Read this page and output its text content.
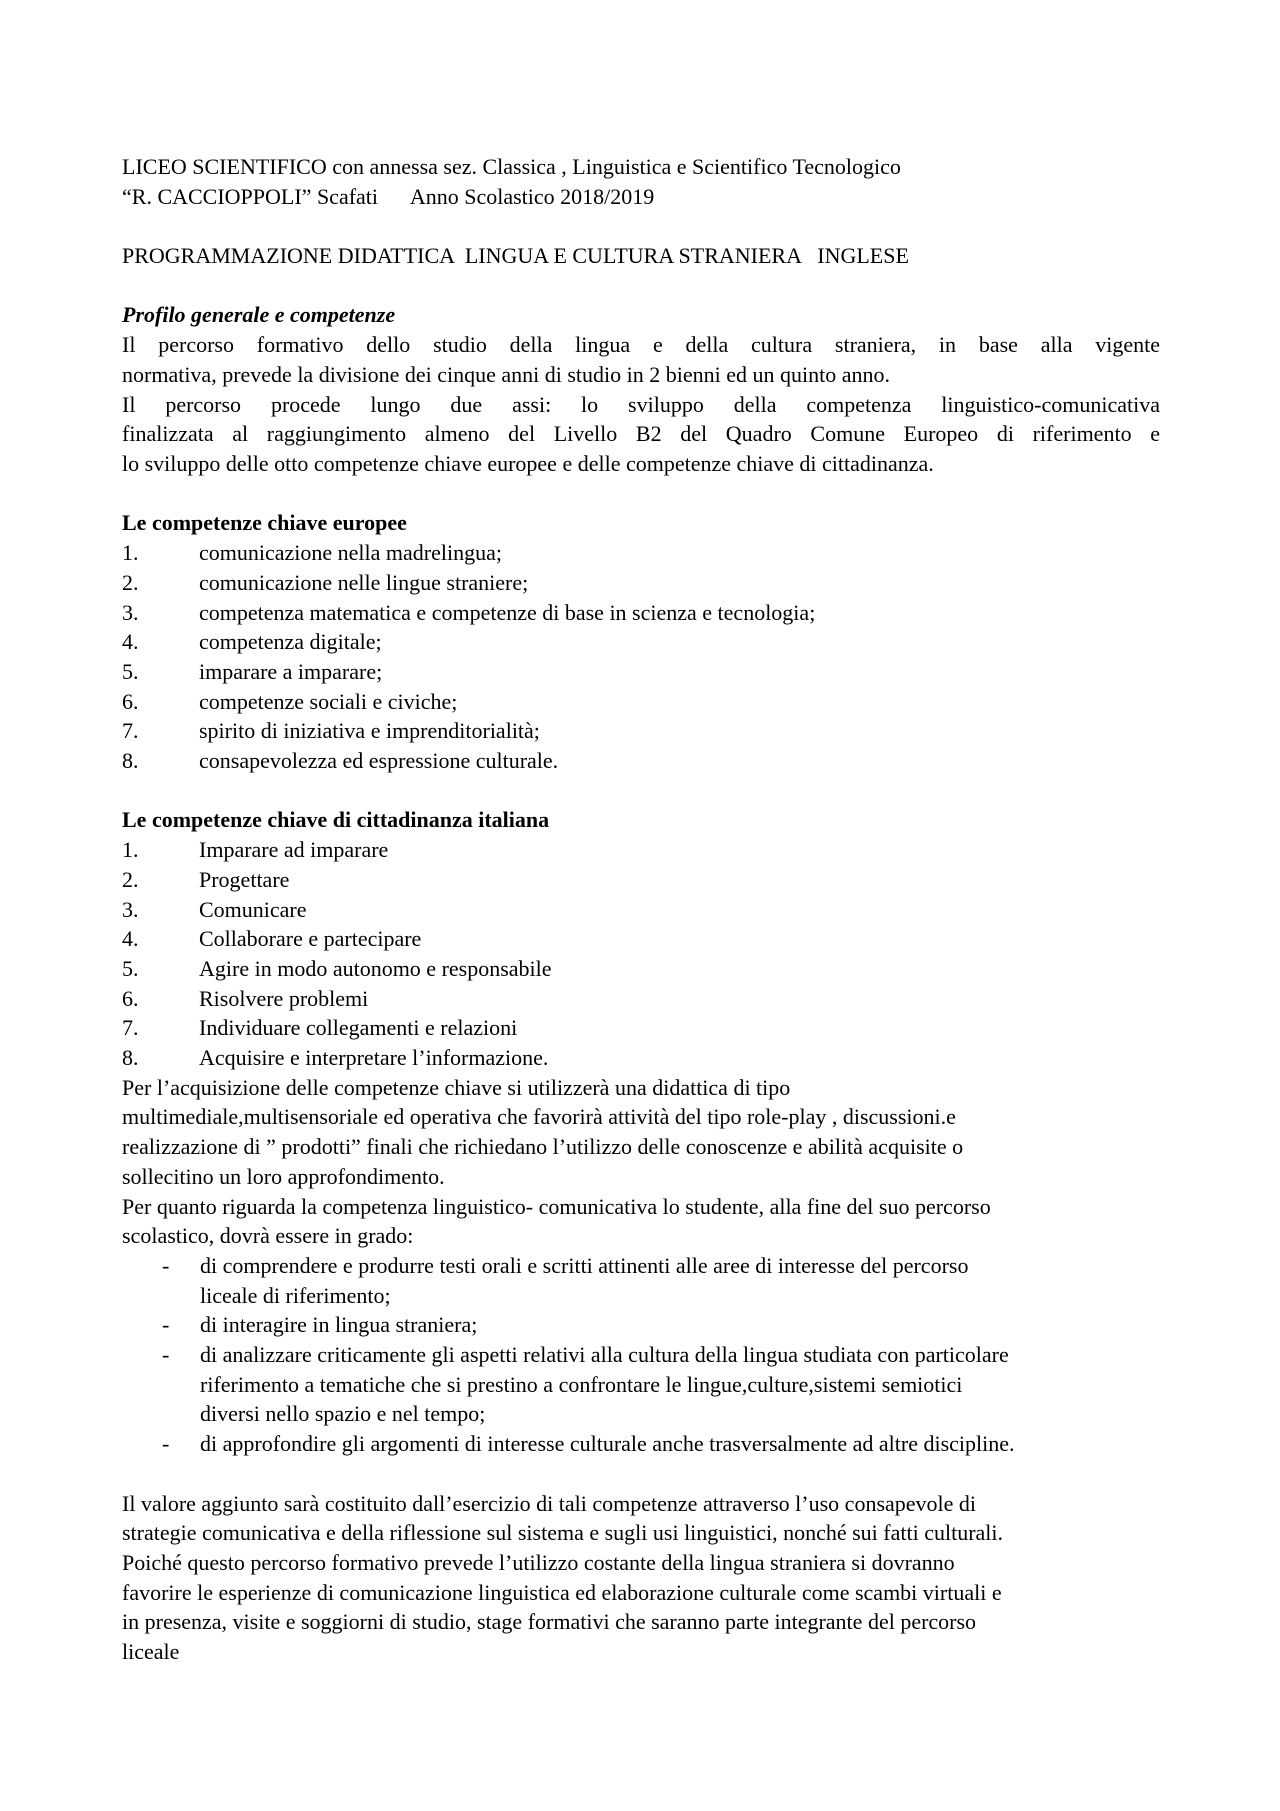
LICEO SCIENTIFICO con annessa sez. Classica , Linguistica e Scientifico Tecnologico
“R. CACCIOPPOLI” Scafati      Anno Scolastico 2018/2019
PROGRAMMAZIONE DIDATTICA  LINGUA E CULTURA STRANIERA   INGLESE
Profilo generale e competenze
Il percorso formativo dello studio della lingua e della cultura straniera, in base alla vigente
normativa, prevede la divisione dei cinque anni di studio in 2 bienni ed un quinto anno.
Il percorso procede lungo due assi: lo sviluppo della competenza linguistico-comunicativa
finalizzata al raggiungimento almeno del Livello B2 del Quadro Comune Europeo di riferimento e
lo sviluppo delle otto competenze chiave europee e delle competenze chiave di cittadinanza.
Le competenze chiave europee
1.	comunicazione nella madrelingua;
2.	comunicazione nelle lingue straniere;
3.	competenza matematica e competenze di base in scienza e tecnologia;
4.	competenza digitale;
5.	imparare a imparare;
6.	competenze sociali e civiche;
7.	spirito di iniziativa e imprenditorialità;
8.	consapevolezza ed espressione culturale.
Le competenze chiave di cittadinanza italiana
1.	Imparare ad imparare
2.	Progettare
3.	Comunicare
4.	Collaborare e partecipare
5.	Agire in modo autonomo e responsabile
6.	Risolvere problemi
7.	Individuare collegamenti e relazioni
8.	Acquisire e interpretare l’informazione.
Per l’acquisizione delle competenze chiave si utilizzerà una didattica di tipo
multimediale,multisensoriale ed operativa che favorirà attività del tipo role-play , discussioni.e
realizzazione di ” prodotti” finali che richiedano l’utilizzo delle conoscenze e abilità acquisite o
sollecitino un loro approfondimento.
Per quanto riguarda la competenza linguistico- comunicativa lo studente, alla fine del suo percorso
scolastico, dovrà essere in grado:
-	di comprendere e produrre testi orali e scritti attinenti alle aree di interesse del percorso
liceale di riferimento;
-	di interagire in lingua straniera;
-	di analizzare criticamente gli aspetti relativi alla cultura della lingua studiata con particolare
riferimento a tematiche che si prestino a confrontare le lingue,culture,sistemi semiotici
diversi nello spazio e nel tempo;
-	di approfondire gli argomenti di interesse culturale anche trasversalmente ad altre discipline.
Il valore aggiunto sarà costituito dall’esercizio di tali competenze attraverso l’uso consapevole di
strategie comunicativa e della riflessione sul sistema e sugli usi linguistici, nonché sui fatti culturali.
Poiché questo percorso formativo prevede l’utilizzo costante della lingua straniera si dovranno
favorire le esperienze di comunicazione linguistica ed elaborazione culturale come scambi virtuali e
in presenza, visite e soggiorni di studio, stage formativi che saranno parte integrante del percorso
liceale
